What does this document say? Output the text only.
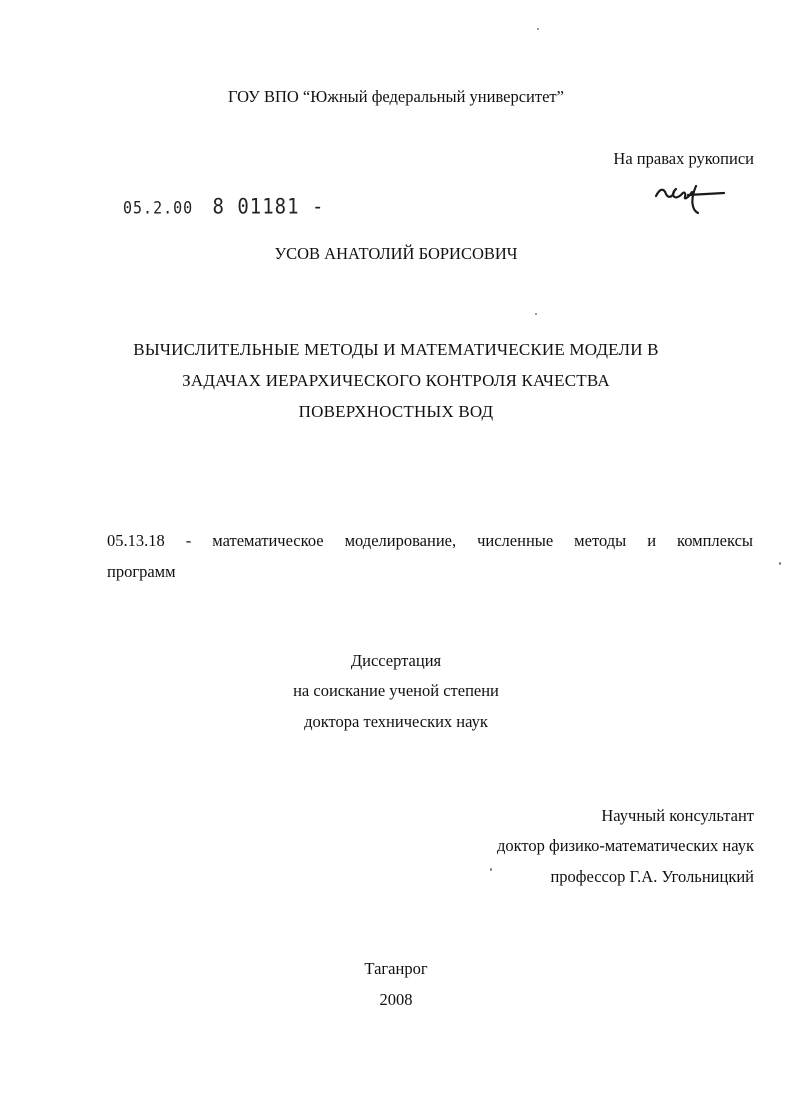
ГОУ ВПО “Южный федеральный университет”
На правах рукописи
05.2.00 8 01181 -
УСОВ АНАТОЛИЙ БОРИСОВИЧ
ВЫЧИСЛИТЕЛЬНЫЕ МЕТОДЫ И МАТЕМАТИЧЕСКИЕ МОДЕЛИ В
ЗАДАЧАХ ИЕРАРХИЧЕСКОГО КОНТРОЛЯ КАЧЕСТВА
ПОВЕРХНОСТНЫХ ВОД
05.13.18 - математическое моделирование, численные методы и комплексы
программ
Диссертация
на соискание ученой степени
доктора технических наук
Научный консультант
доктор физико-математических наук
профессор Г.А. Угольницкий
Таганрог
2008
